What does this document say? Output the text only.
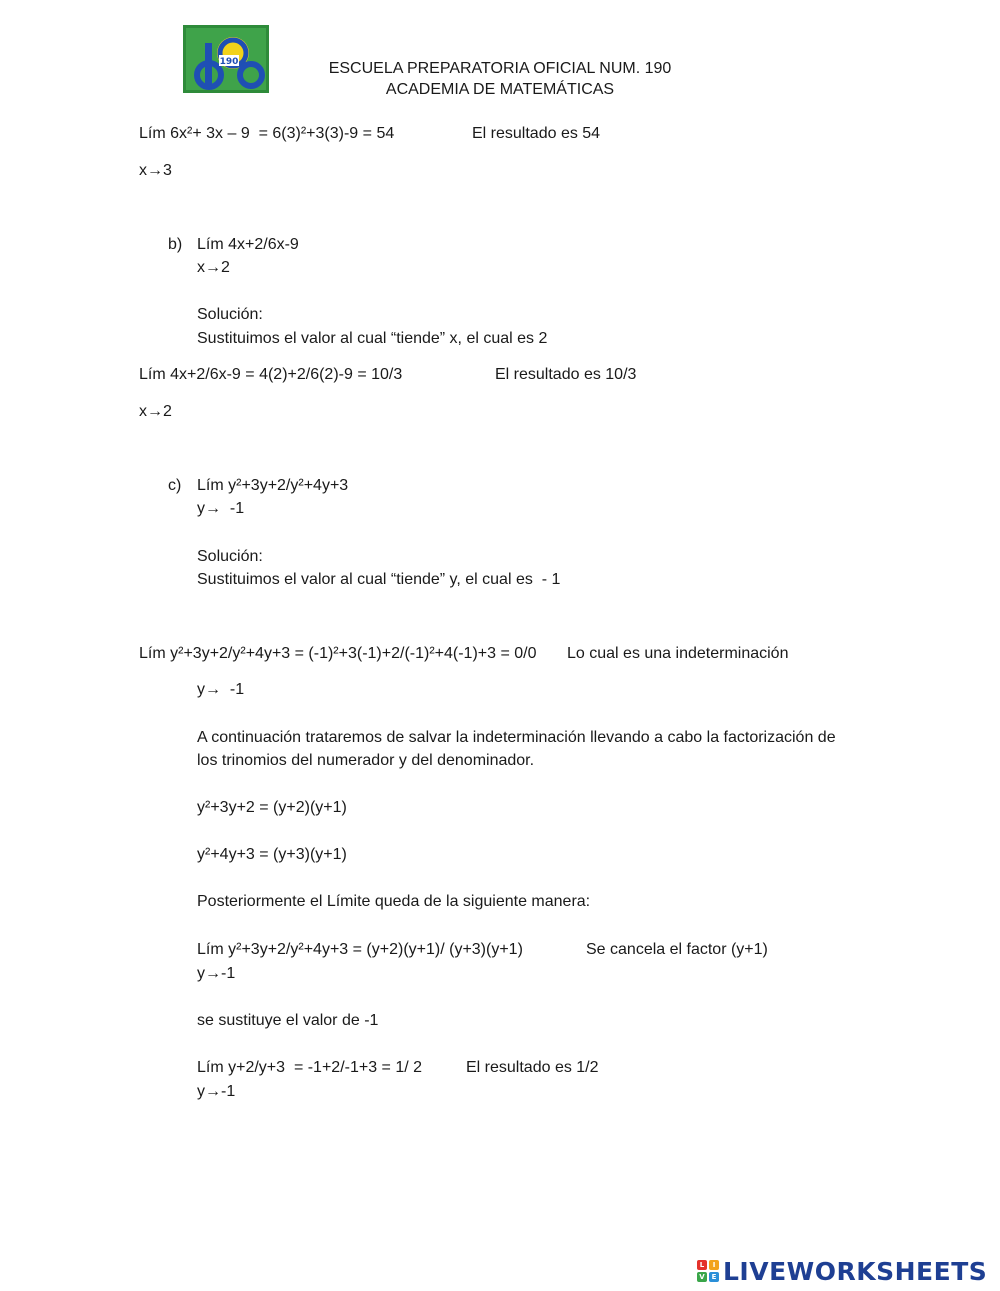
190	ESCUELA PREPARATORIA OFICIAL NUM. 190
ACADEMIA DE MATEMÁTICAS
Lím 6x²+ 3x – 9  = 6(3)²+3(3)-9 = 54	El resultado es 54
x→3
b) Lím 4x+2/6x-9
x→2
Solución:
Sustituimos el valor al cual “tiende” x, el cual es 2
Lím 4x+2/6x-9 = 4(2)+2/6(2)-9 = 10/3	El resultado es 10/3
x→2
c) Lím y²+3y+2/y²+4y+3
y→  -1
Solución:
Sustituimos el valor al cual “tiende” y, el cual es  - 1
Lím y²+3y+2/y²+4y+3 = (-1)²+3(-1)+2/(-1)²+4(-1)+3 = 0/0 Lo cual es una indeterminación
y→  -1
A continuación trataremos de salvar la indeterminación llevando a cabo la factorización de
los trinomios del numerador y del denominador.
y²+3y+2 = (y+2)(y+1)
y²+4y+3 = (y+3)(y+1)
Posteriormente el Límite queda de la siguiente manera:
Lím y²+3y+2/y²+4y+3 = (y+2)(y+1)/ (y+3)(y+1)	Se cancela el factor (y+1)
y→-1
se sustituye el valor de -1
Lím y+2/y+3  = -1+2/-1+3 = 1/ 2	El resultado es 1/2
y→-1
L	I
V E LIVEWORKSHEETS
